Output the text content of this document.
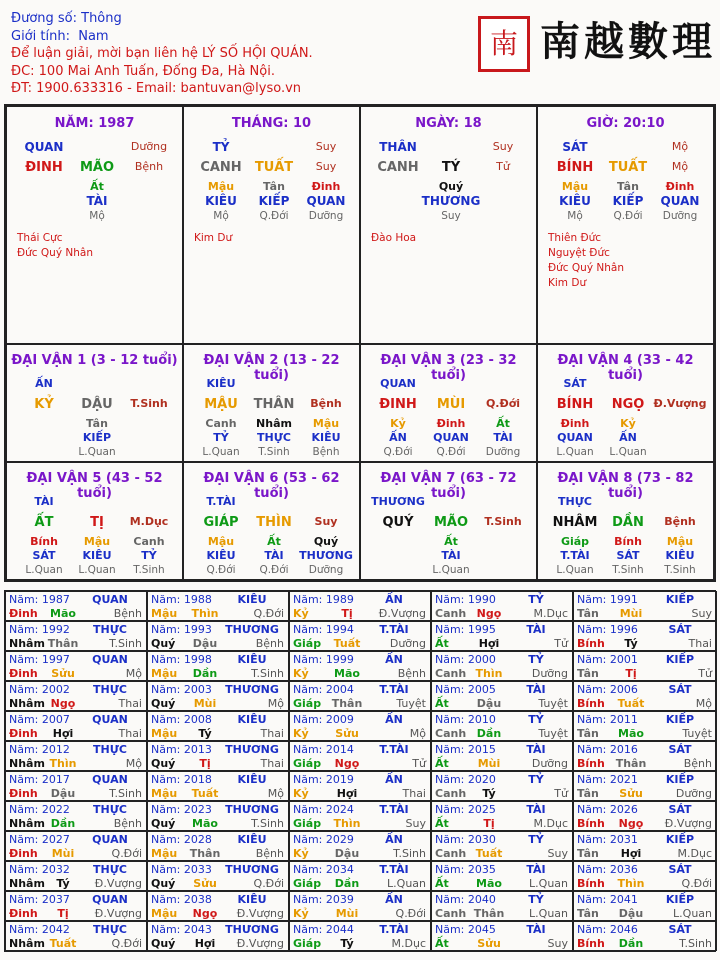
Đương số: Thông
Giới tính: Nam
Để luận giải, mời bạn liên hệ LÝ SỐ HỘI QUÁN.
ĐC: 100 Mai Anh Tuấn, Đống Đa, Hà Nội.
ĐT: 1900.633316 - Email: bantuvan@lyso.vn
南 南越數理
NĂM: 1987
QUAN	Dưỡng
ĐINH MÃO Bệnh
Ất
TÀI
Mộ
Thái Cực
Đức Quý Nhân
THÁNG: 10
TỶ	Suy
CANH TUẤT Suy
Mậu
KIÊU
Mộ
Tân
KIẾP
Q.Đới
Đinh
QUAN
Dưỡng
Kim Dư
NGÀY: 18
THÂN	Suy
CANH TÝ	Tử
Quý
THƯƠNG
Suy
Đào Hoa
GIỜ: 20:10
SÁT	Mộ
BÍNH TUẤT Mộ
Mậu
KIÊU
Mộ
Tân
KIẾP
Q.Đới
Đinh
QUAN
Dưỡng
Thiên Đức
Nguyệt Đức
Đức Quý Nhân
Kim Dư
ĐẠI VẬN 1 (3 - 12 tuổi)
ẤN
KỶ DẬU T.Sinh
Tân
KIẾP
L.Quan
ĐẠI VẬN 2 (13 - 22 tuổi)
KIÊU
MẬU THÂN Bệnh
Canh
TỶ
L.Quan
Nhâm
THỰC
T.Sinh
Mậu
KIÊU
Bệnh
ĐẠI VẬN 3 (23 - 32 tuổi)
QUAN
ĐINH MÙI Q.Đới
Kỷ
ẤN
Q.Đới
Đinh
QUAN
Q.Đới
Ất
TÀI
Dưỡng
ĐẠI VẬN 4 (33 - 42 tuổi)
SÁT
BÍNH NGỌ Đ.Vượng
Đinh
QUAN
L.Quan
Kỷ
ẤN
L.Quan
ĐẠI VẬN 5 (43 - 52 tuổi)
TÀI
ẤT	TỊ M.Dục
Bính
SÁT
L.Quan
Mậu
KIÊU
L.Quan
Canh
TỶ
T.Sinh
ĐẠI VẬN 6 (53 - 62 tuổi)
T.TÀI
GIÁP THÌN Suy
Mậu
KIÊU
Q.Đới
Ất
TÀI
Q.Đới
Quý
THƯƠNG
Dưỡng
ĐẠI VẬN 7 (63 - 72 tuổi)
THƯƠNG
QUÝ MÃO T.Sinh
Ất
TÀI
L.Quan
ĐẠI VẬN 8 (73 - 82 tuổi)
THỰC
NHÂM DẦN Bệnh
Giáp
T.TÀI
L.Quan
Bính
SÁT
T.Sinh
Mậu
KIÊU
T.Sinh
Năm: 1987 QUAN
Đinh Mão	Bệnh
Năm: 1988 KIÊU
Mậu Thìn	Q.Đới
Năm: 1989	ẤN
Kỷ	Tị Đ.Vượng
Năm: 1990	TỶ
Canh Ngọ	M.Dục
Năm: 1991	KIẾP
Tân Mùi	Suy
Năm: 1992 THỰC
Nhâm Thân	T.Sinh
Năm: 1993 THƯƠNG
Quý Dậu	Bệnh
Năm: 1994 T.TÀI
Giáp Tuất	Dưỡng
Năm: 1995	TÀI
Ất	Hợi	Tử
Năm: 1996	SÁT
Bính Tý	Thai
Năm: 1997 QUAN
Đinh Sửu	Mộ
Năm: 1998 KIÊU
Mậu Dần	T.Sinh
Năm: 1999	ẤN
Kỷ Mão	Bệnh
Năm: 2000	TỶ
Canh Thìn	Dưỡng
Năm: 2001	KIẾP
Tân Tị	Tử
Năm: 2002 THỰC
Nhâm Ngọ	Thai
Năm: 2003 THƯƠNG
Quý Mùi	Mộ
Năm: 2004 T.TÀI
Giáp Thân	Tuyệt
Năm: 2005	TÀI
Ất	Dậu	Tuyệt
Năm: 2006	SÁT
Bính Tuất	Mộ
Năm: 2007 QUAN
Đinh Hợi	Thai
Năm: 2008 KIÊU
Mậu Tý	Thai
Năm: 2009	ẤN
Kỷ Sửu	Mộ
Năm: 2010	TỶ
Canh Dần	Tuyệt
Năm: 2011	KIẾP
Tân Mão	Tuyệt
Năm: 2012 THỰC
Nhâm Thìn	Mộ
Năm: 2013 THƯƠNG
Quý Tị	Thai
Năm: 2014 T.TÀI
Giáp Ngọ	Tử
Năm: 2015	TÀI
Ất	Mùi	Dưỡng
Năm: 2016	SÁT
Bính Thân	Bệnh
Năm: 2017 QUAN
Đinh Dậu	T.Sinh
Năm: 2018 KIÊU
Mậu Tuất	Mộ
Năm: 2019	ẤN
Kỷ	Hợi	Thai
Năm: 2020	TỶ
Canh Tý	Tử
Năm: 2021	KIẾP
Tân Sửu	Dưỡng
Năm: 2022 THỰC
Nhâm Dần	Bệnh
Năm: 2023 THƯƠNG
Quý Mão	T.Sinh
Năm: 2024 T.TÀI
Giáp Thìn	Suy
Năm: 2025	TÀI
Ất	Tị	M.Dục
Năm: 2026	SÁT
Bính Ngọ Đ.Vượng
Năm: 2027 QUAN
Đinh Mùi	Q.Đới
Năm: 2028 KIÊU
Mậu Thân	Bệnh
Năm: 2029	ẤN
Kỷ Dậu	T.Sinh
Năm: 2030	TỶ
Canh Tuất	Suy
Năm: 2031	KIẾP
Tân Hợi	M.Dục
Năm: 2032 THỰC
Nhâm Tý Đ.Vượng
Năm: 2033 THƯƠNG
Quý Sửu	Q.Đới
Năm: 2034 T.TÀI
Giáp Dần	L.Quan
Năm: 2035	TÀI
Ất Mão L.Quan
Năm: 2036	SÁT
Bính Thìn	Q.Đới
Năm: 2037 QUAN
Đinh Tị Đ.Vượng
Năm: 2038 KIÊU
Mậu Ngọ Đ.Vượng
Năm: 2039	ẤN
Kỷ Mùi	Q.Đới
Năm: 2040	TỶ
Canh Thân L.Quan
Năm: 2041	KIẾP
Tân Dậu	L.Quan
Năm: 2042 THỰC
Nhâm Tuất	Q.Đới
Năm: 2043 THƯƠNG
Quý Hợi Đ.Vượng
Năm: 2044 T.TÀI
Giáp Tý	M.Dục
Năm: 2045	TÀI
Ất	Sửu	Suy
Năm: 2046	SÁT
Bính Dần	T.Sinh
